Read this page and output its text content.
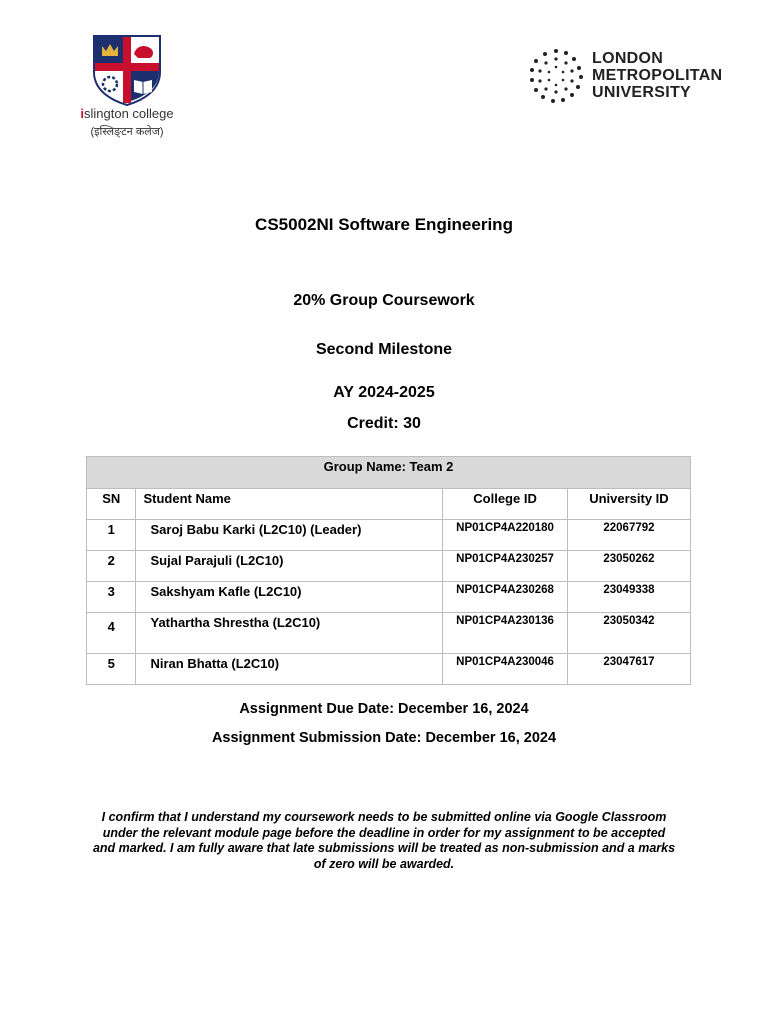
islington college
(इस्लिङ्टन कलेज)
LONDON
METROPOLITAN
UNIVERSITY
CS5002NI Software Engineering
20% Group Coursework
Second Milestone
AY 2024-2025
Credit: 30
Group Name: Team 2			
SN	Student Name	College ID	University ID
1	Saroj Babu Karki (L2C10) (Leader)	NP01CP4A220180	22067792
2	Sujal Parajuli (L2C10)	NP01CP4A230257	23050262
3	Sakshyam Kafle (L2C10)	NP01CP4A230268	23049338
4	Yathartha Shrestha (L2C10)	NP01CP4A230136	23050342
5	Niran Bhatta (L2C10)	NP01CP4A230046	23047617
Assignment Due Date: December 16, 2024
Assignment Submission Date: December 16, 2024
I confirm that I understand my coursework needs to be submitted online via Google Classroom under the relevant module page before the deadline in order for my assignment to be accepted and marked. I am fully aware that late submissions will be treated as non-submission and a marks of zero will be awarded.
